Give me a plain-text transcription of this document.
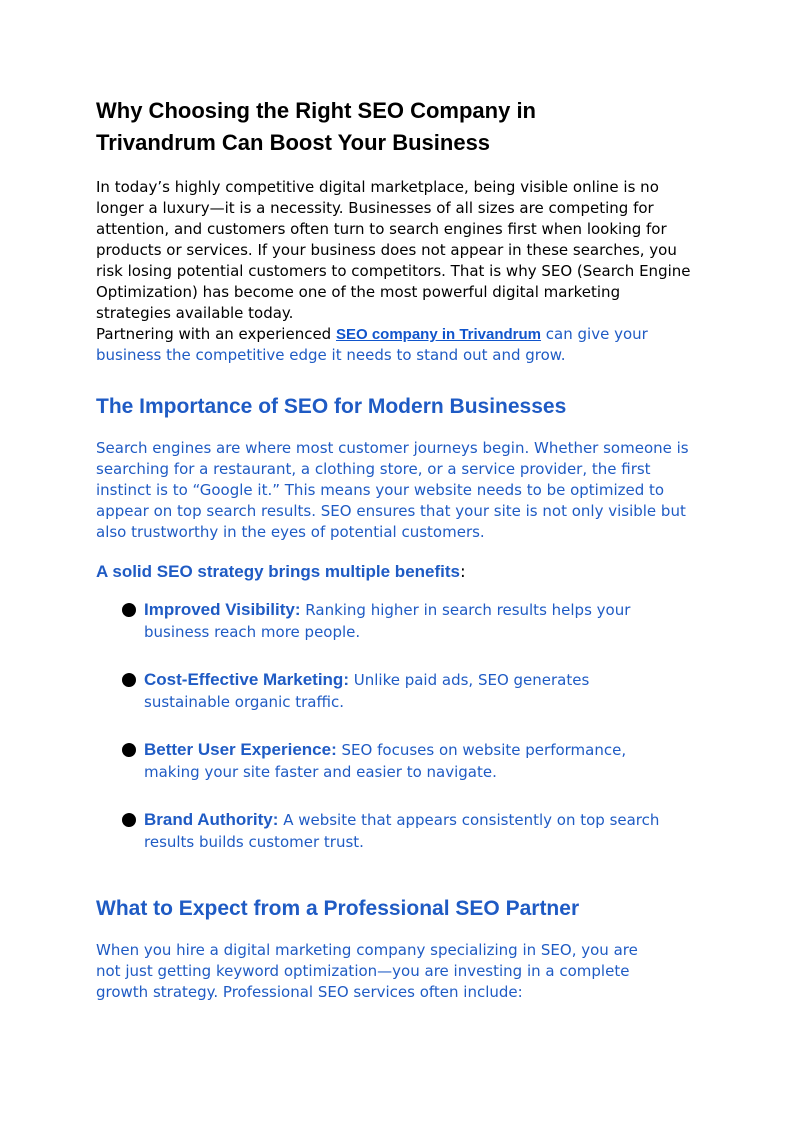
Why Choosing the Right SEO Company in Trivandrum Can Boost Your Business

In today’s highly competitive digital marketplace, being visible online is no longer a luxury—it is a necessity. Businesses of all sizes are competing for attention, and customers often turn to search engines first when looking for products or services. If your business does not appear in these searches, you risk losing potential customers to competitors. That is why SEO (Search Engine Optimization) has become one of the most powerful digital marketing strategies available today.

Partnering with an experienced SEO company in Trivandrum can give your business the competitive edge it needs to stand out and grow.

The Importance of SEO for Modern Businesses

Search engines are where most customer journeys begin. Whether someone is searching for a restaurant, a clothing store, or a service provider, the first instinct is to “Google it.” This means your website needs to be optimized to appear on top search results. SEO ensures that your site is not only visible but also trustworthy in the eyes of potential customers.

A solid SEO strategy brings multiple benefits:
Improved Visibility: Ranking higher in search results helps your business reach more people.
Cost-Effective Marketing: Unlike paid ads, SEO generates sustainable organic traffic.
Better User Experience: SEO focuses on website performance, making your site faster and easier to navigate.
Brand Authority: A website that appears consistently on top search results builds customer trust.
What to Expect from a Professional SEO Partner

When you hire a digital marketing company specializing in SEO, you are not just getting keyword optimization—you are investing in a complete growth strategy. Professional SEO services often include:
